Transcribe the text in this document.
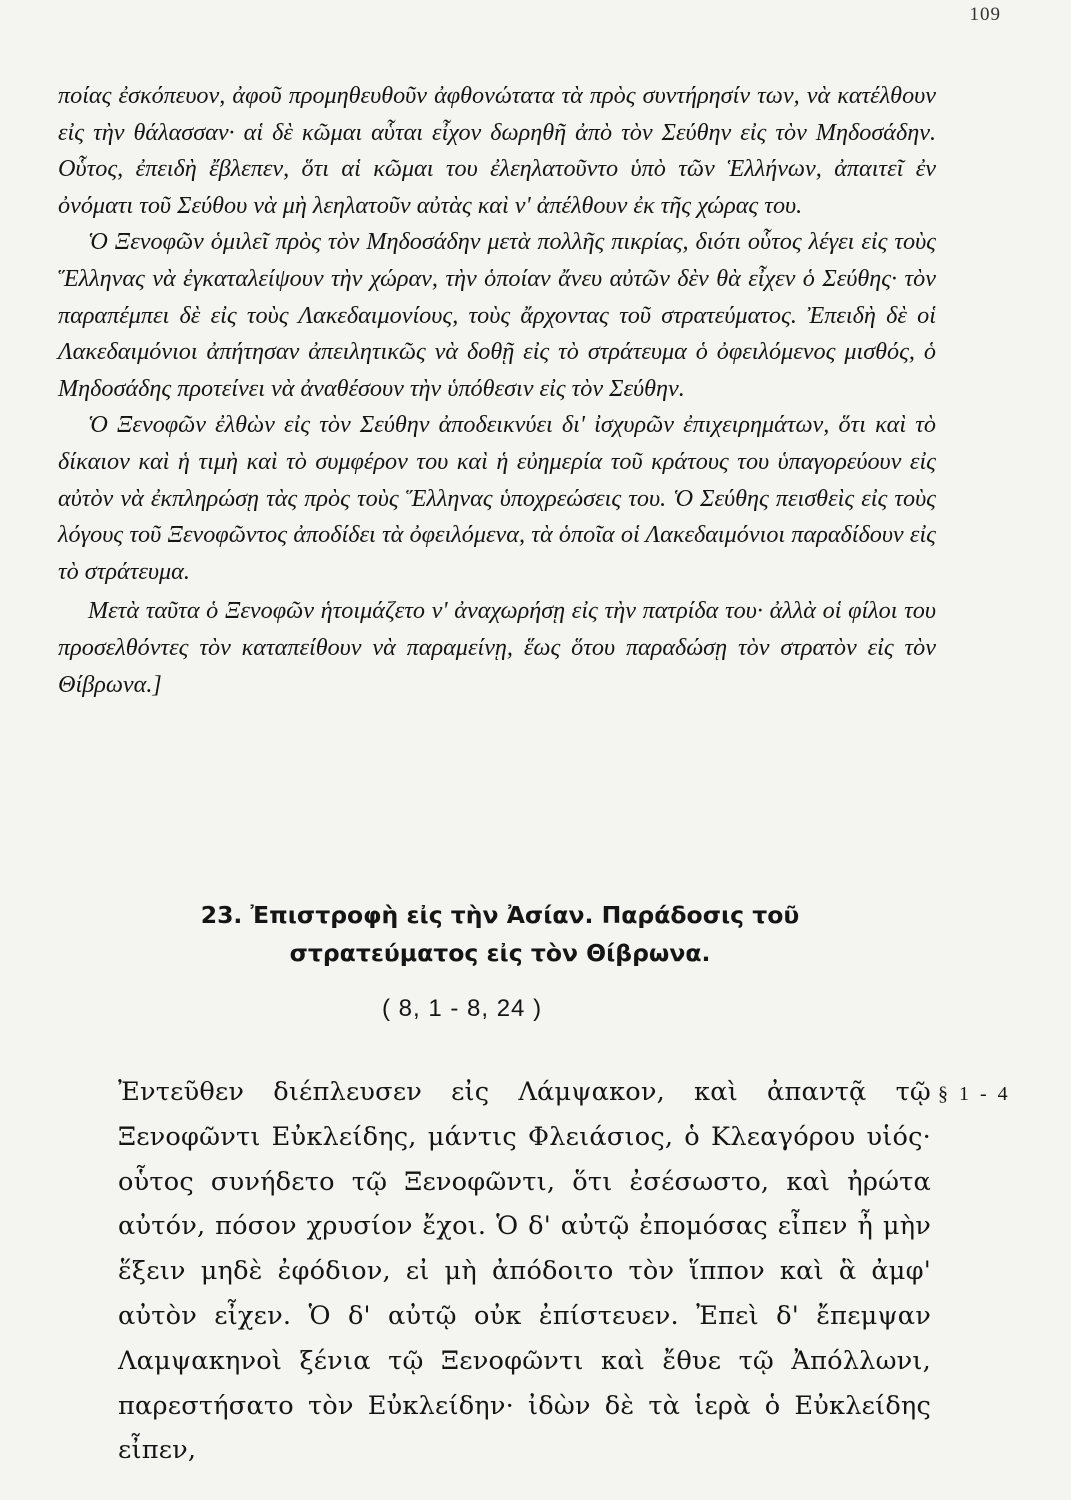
109

ποίας ἐσκόπευον, ἀφοῦ προμηθευθοῦν ἀφθονώτατα τὰ πρὸς συντήρησίν των, νὰ κατέλθουν εἰς τὴν θάλασσαν· αἱ δὲ κῶμαι αὗται εἶχον δωρηθῆ ἀπὸ τὸν Σεύθην εἰς τὸν Μηδοσάδην. Οὗτος, ἐπειδὴ ἔβλεπεν, ὅτι αἱ κῶμαι του ἐλεηλατοῦντο ὑπὸ τῶν Ἑλλήνων, ἀπαιτεῖ ἐν ὀνόματι τοῦ Σεύθου νὰ μὴ λεηλατοῦν αὐτὰς καὶ ν' ἀπέλθουν ἐκ τῆς χώρας του.

Ὁ Ξενοφῶν ὁμιλεῖ πρὸς τὸν Μηδοσάδην μετὰ πολλῆς πικρίας, διότι οὗτος λέγει εἰς τοὺς Ἕλληνας νὰ ἐγκαταλείψουν τὴν χώραν, τὴν ὁποίαν ἄνευ αὐτῶν δὲν θὰ εἶχεν ὁ Σεύθης· τὸν παραπέμπει δὲ εἰς τοὺς Λακεδαιμονίους, τοὺς ἄρχοντας τοῦ στρατεύματος. Ἐπειδὴ δὲ οἱ Λακεδαιμόνιοι ἀπήτησαν ἀπειλητικῶς νὰ δοθῇ εἰς τὸ στράτευμα ὁ ὀφειλόμενος μισθός, ὁ Μηδοσάδης προτείνει νὰ ἀναθέσουν τὴν ὑπόθεσιν εἰς τὸν Σεύθην.

Ὁ Ξενοφῶν ἐλθὼν εἰς τὸν Σεύθην ἀποδεικνύει δι' ἰσχυρῶν ἐπιχειρημάτων, ὅτι καὶ τὸ δίκαιον καὶ ἡ τιμὴ καὶ τὸ συμφέρον του καὶ ἡ εὐημερία τοῦ κράτους του ὑπαγορεύουν εἰς αὐτὸν νὰ ἐκπληρώσῃ τὰς πρὸς τοὺς Ἕλληνας ὑποχρεώσεις του. Ὁ Σεύθης πεισθεὶς εἰς τοὺς λόγους τοῦ Ξενοφῶντος ἀποδίδει τὰ ὀφειλόμενα, τὰ ὁποῖα οἱ Λακεδαιμόνιοι παραδίδουν εἰς τὸ στράτευμα.

Μετὰ ταῦτα ὁ Ξενοφῶν ἡτοιμάζετο ν' ἀναχωρήσῃ εἰς τὴν πατρίδα του· ἀλλὰ οἱ φίλοι του προσελθόντες τὸν καταπείθουν νὰ παραμείνῃ, ἕως ὅτου παραδώσῃ τὸν στρατὸν εἰς τὸν Θίβρωνα.]

23. Ἐπιστροφὴ εἰς τὴν Ἀσίαν. Παράδοσις τοῦ
στρατεύματος εἰς τὸν Θίβρωνα.
( 8, 1 - 8, 24 )
§ 1 - 4

Ἐντεῦθεν διέπλευσεν εἰς Λάμψακον, καὶ ἀπαντᾷ τῷ Ξενοφῶντι Εὐκλείδης, μάντις Φλειάσιος, ὁ Κλεαγόρου υἱός· οὗτος συνήδετο τῷ Ξενοφῶντι, ὅτι ἐσέσωστο, καὶ ἠρώτα αὐτόν, πόσον χρυσίον ἔχοι. Ὁ δ' αὐτῷ ἐπομόσας εἶπεν ἦ μὴν ἕξειν μηδὲ ἐφόδιον, εἰ μὴ ἀπόδοιτο τὸν ἵππον καὶ ἃ ἀμφ' αὐτὸν εἶχεν. Ὁ δ' αὐτῷ οὐκ ἐπίστευεν. Ἐπεὶ δ' ἔπεμψαν Λαμψακηνοὶ ξένια τῷ Ξενοφῶντι καὶ ἔθυε τῷ Ἀπόλλωνι, παρεστήσατο τὸν Εὐκλείδην· ἰδὼν δὲ τὰ ἱερὰ ὁ Εὐκλείδης εἶπεν,
